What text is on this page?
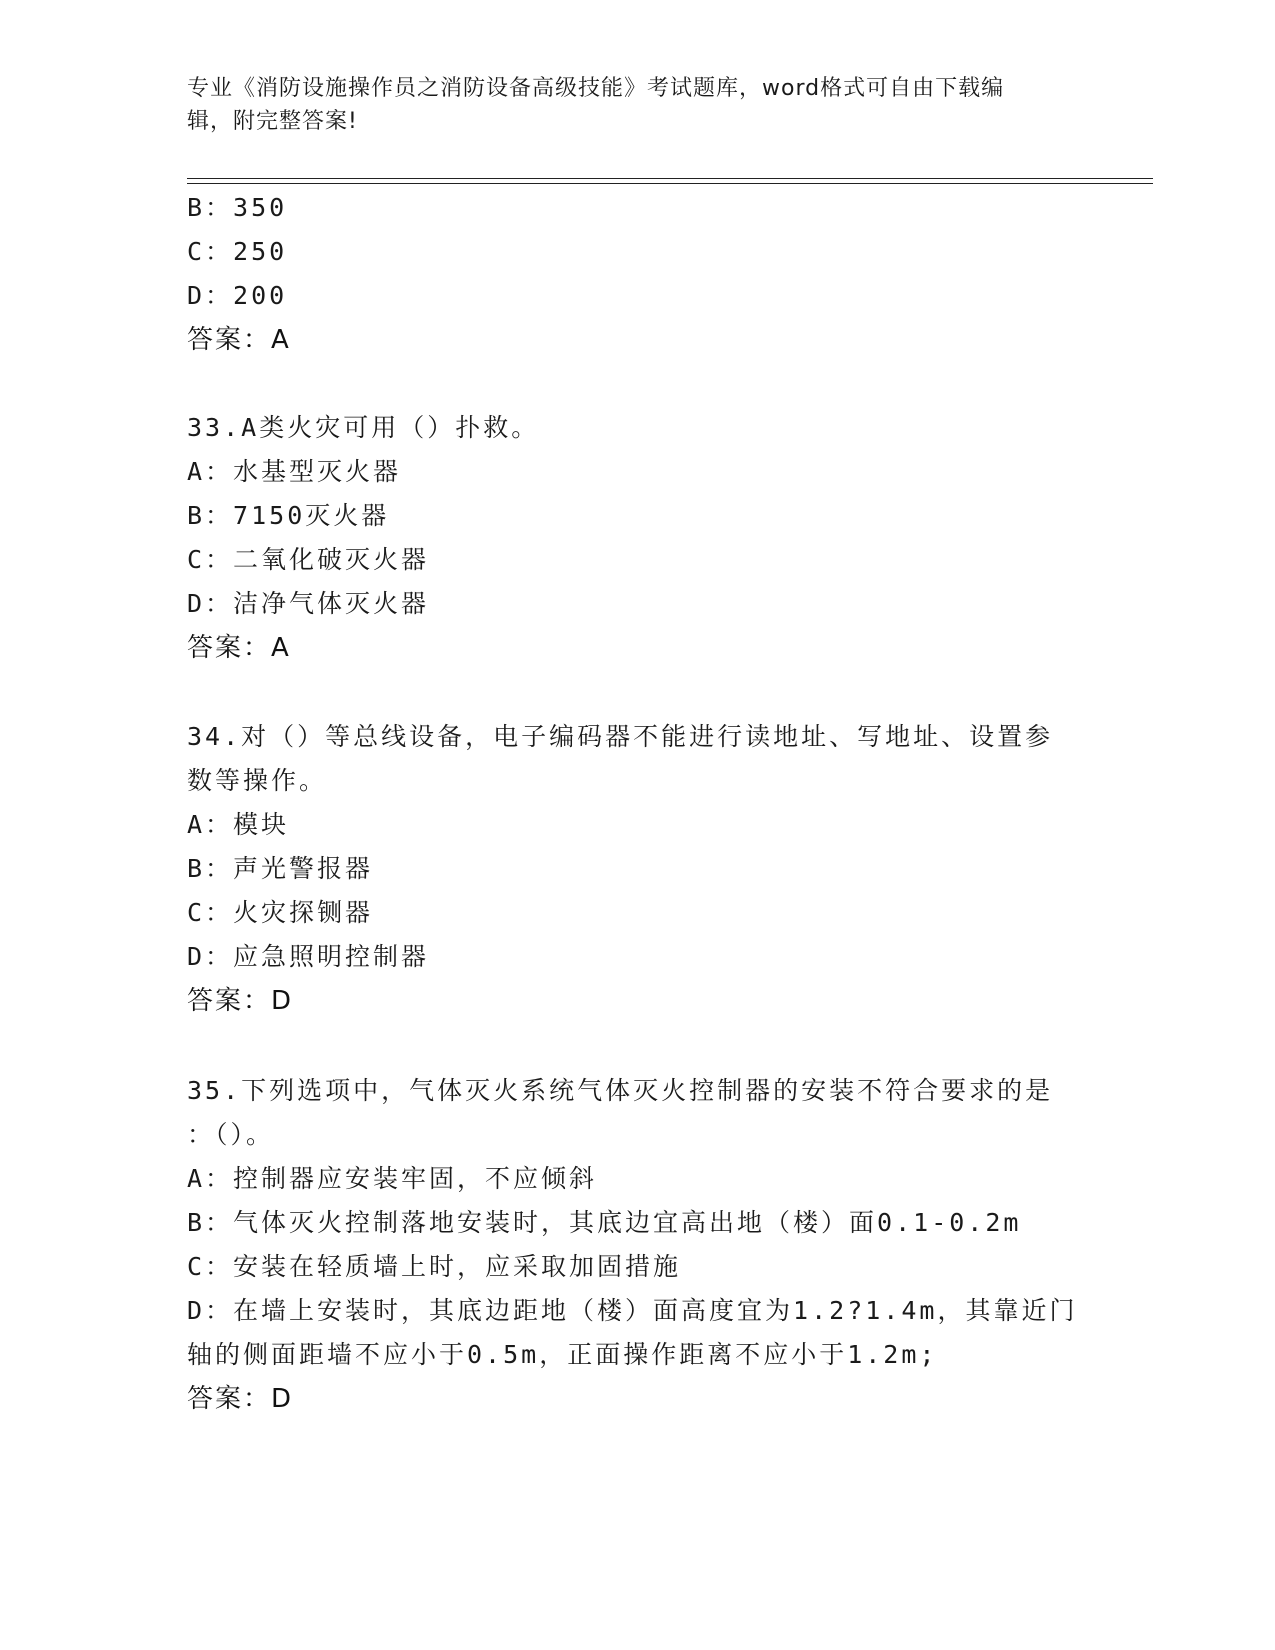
专业《消防设施操作员之消防设备高级技能》考试题库，word格式可自由下载编
辑，附完整答案!
B：350
C：250
D：200
答案：A
33.A类火灾可用（）扑救。
A：水基型灭火器
B：7150灭火器
C：二氧化破灭火器
D：洁净气体灭火器
答案：A
34.对（）等总线设备，电子编码器不能进行读地址、写地址、设置参
数等操作。
A：模块
B：声光警报器
C：火灾探铡器
D：应急照明控制器
答案：D
35.下列选项中，气体灭火系统气体灭火控制器的安装不符合要求的是
：（）。
A：控制器应安装牢固，不应倾斜
B：气体灭火控制落地安装时，其底边宜高出地（楼）面0.1-0.2m
C：安装在轻质墙上时，应采取加固措施
D：在墙上安装时，其底边距地（楼）面高度宜为1.2?1.4m，其靠近门
轴的侧面距墙不应小于0.5m，正面操作距离不应小于1.2m;
答案：D
